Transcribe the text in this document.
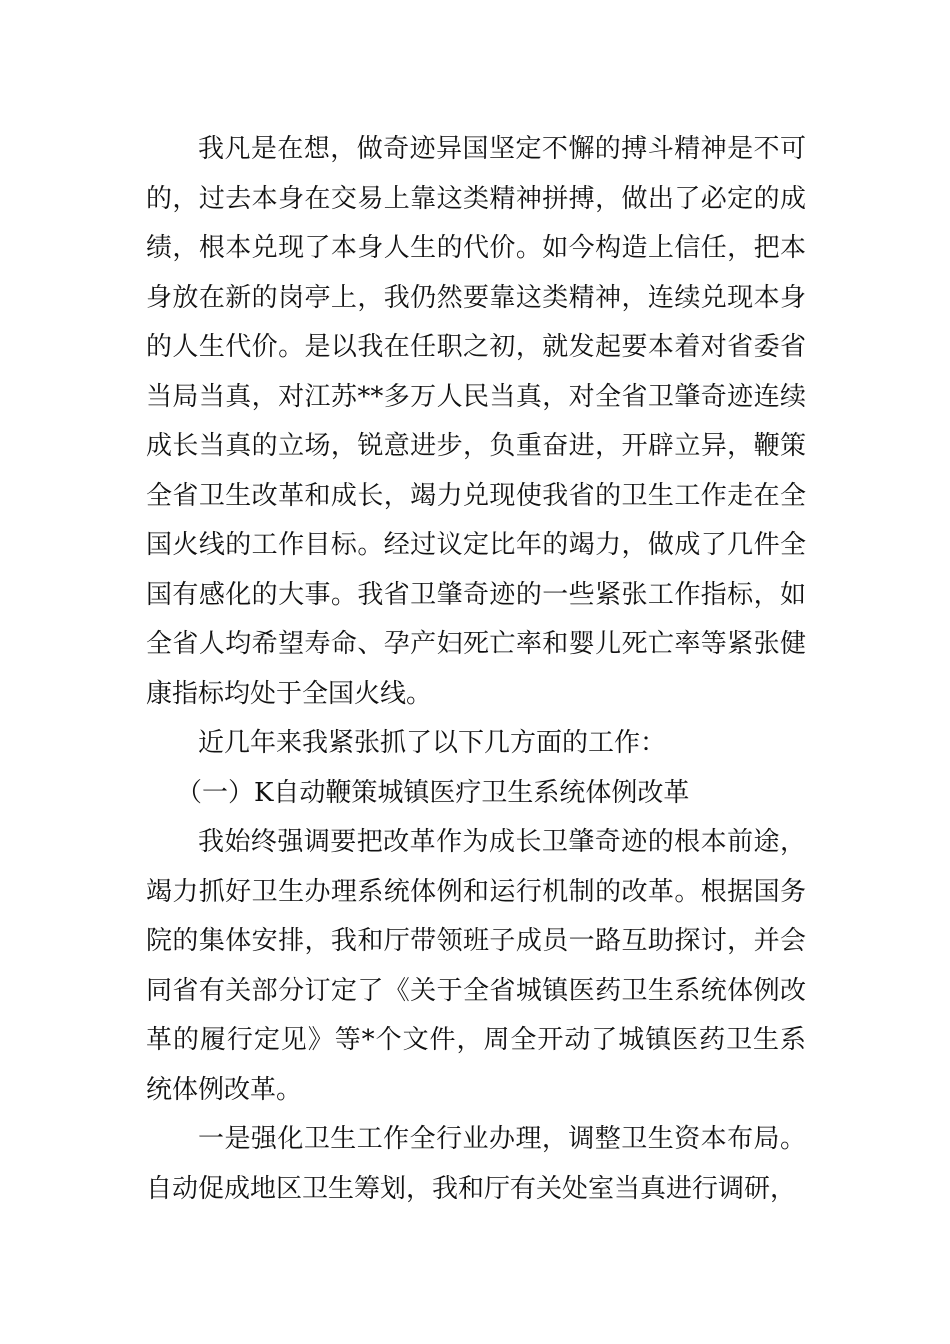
我凡是在想，做奇迹异国坚定不懈的搏斗精神是不可的，过去本身在交易上靠这类精神拼搏，做出了必定的成绩，根本兑现了本身人生的代价。如今构造上信任，把本身放在新的岗亭上，我仍然要靠这类精神，连续兑现本身的人生代价。是以我在任职之初，就发起要本着对省委省当局当真，对江苏**多万人民当真，对全省卫肇奇迹连续成长当真的立场，锐意进步，负重奋进，开辟立异，鞭策全省卫生改革和成长，竭力兑现使我省的卫生工作走在全国火线的工作目标。经过议定比年的竭力，做成了几件全国有感化的大事。我省卫肇奇迹的一些紧张工作指标，如全省人均希望寿命、孕产妇死亡率和婴儿死亡率等紧张健康指标均处于全国火线。

近几年来我紧张抓了以下几方面的工作：

（一）K自动鞭策城镇医疗卫生系统体例改革

我始终强调要把改革作为成长卫肇奇迹的根本前途，竭力抓好卫生办理系统体例和运行机制的改革。根据国务院的集体安排，我和厅带领班子成员一路互助探讨，并会同省有关部分订定了《关于全省城镇医药卫生系统体例改革的履行定见》等*个文件，周全开动了城镇医药卫生系统体例改革。

一是强化卫生工作全行业办理，调整卫生资本布局。自动促成地区卫生筹划，我和厅有关处室当真进行调研，
